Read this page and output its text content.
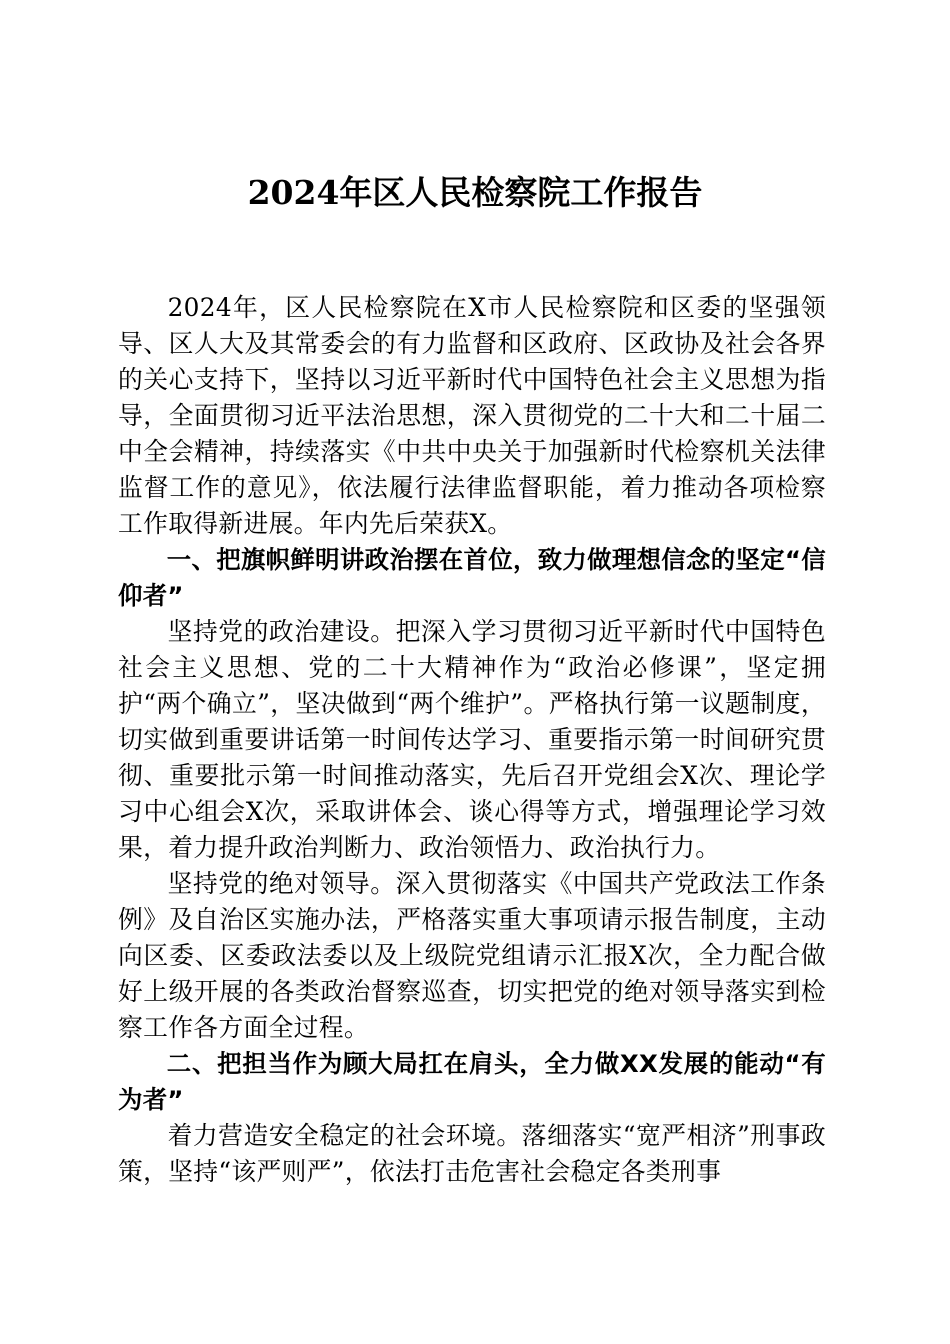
2024年区人民检察院工作报告

2024年，区人民检察院在X市人民检察院和区委的坚强领导、区人大及其常委会的有力监督和区政府、区政协及社会各界的关心支持下，坚持以习近平新时代中国特色社会主义思想为指导，全面贯彻习近平法治思想，深入贯彻党的二十大和二十届二中全会精神，持续落实《中共中央关于加强新时代检察机关法律监督工作的意见》，依法履行法律监督职能，着力推动各项检察工作取得新进展。年内先后荣获X。

一、把旗帜鲜明讲政治摆在首位，致力做理想信念的坚定“信仰者”

坚持党的政治建设。把深入学习贯彻习近平新时代中国特色社会主义思想、党的二十大精神作为“政治必修课”，坚定拥护“两个确立”，坚决做到“两个维护”。严格执行第一议题制度，切实做到重要讲话第一时间传达学习、重要指示第一时间研究贯彻、重要批示第一时间推动落实，先后召开党组会X次、理论学习中心组会X次，采取讲体会、谈心得等方式，增强理论学习效果，着力提升政治判断力、政治领悟力、政治执行力。

坚持党的绝对领导。深入贯彻落实《中国共产党政法工作条例》及自治区实施办法，严格落实重大事项请示报告制度，主动向区委、区委政法委以及上级院党组请示汇报X次，全力配合做好上级开展的各类政治督察巡查，切实把党的绝对领导落实到检察工作各方面全过程。

二、把担当作为顾大局扛在肩头，全力做XX发展的能动“有为者”

着力营造安全稳定的社会环境。落细落实“宽严相济”刑事政策，坚持“该严则严”，依法打击危害社会稳定各类刑事
